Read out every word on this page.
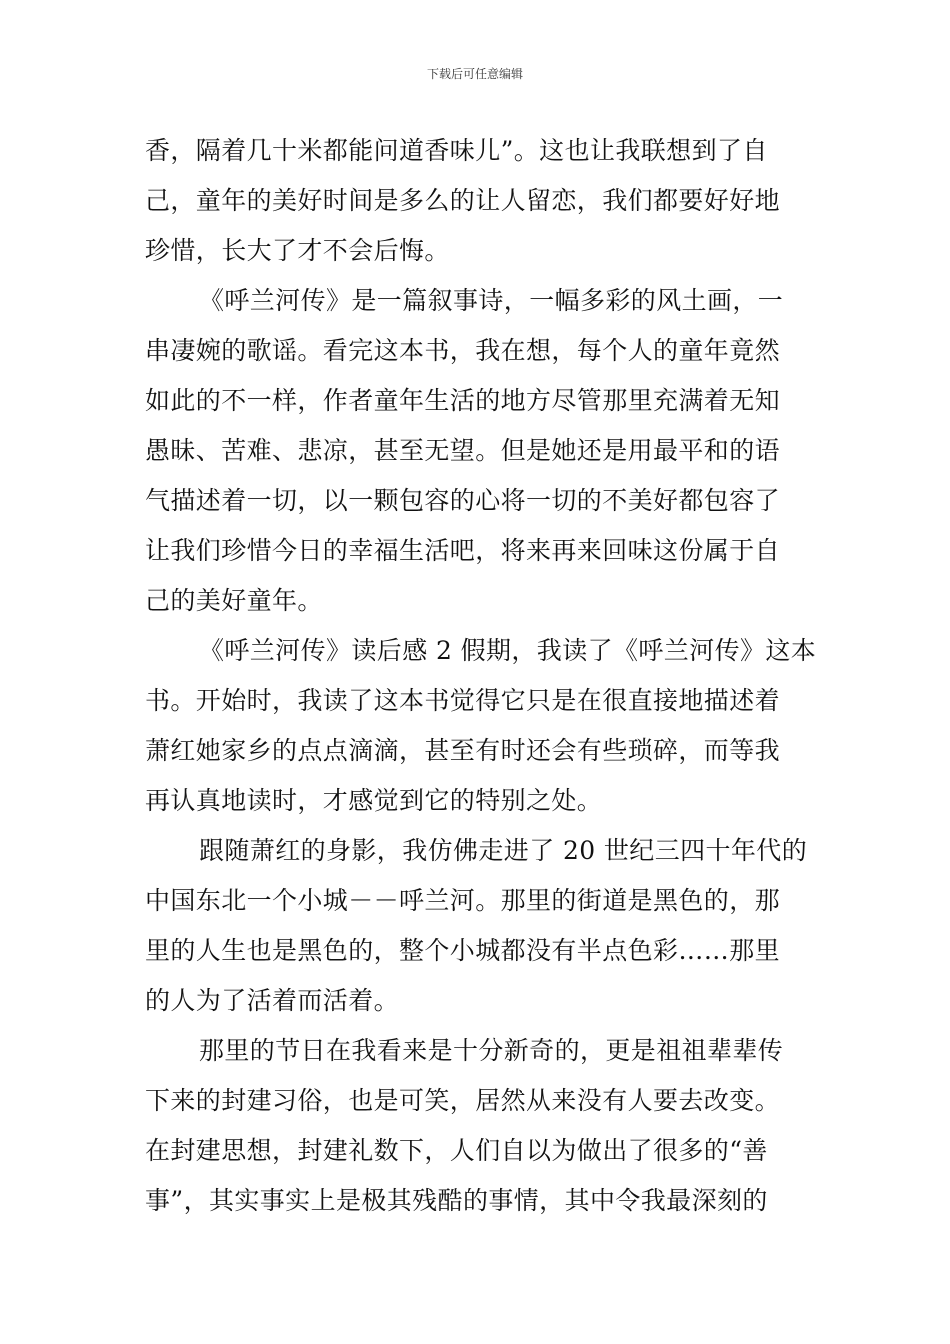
下载后可任意编辑
香，隔着几十米都能问道香味儿”。这也让我联想到了自
己，童年的美好时间是多么的让人留恋，我们都要好好地
珍惜，长大了才不会后悔。
《呼兰河传》是一篇叙事诗，一幅多彩的风土画，一
串凄婉的歌谣。看完这本书，我在想，每个人的童年竟然
如此的不一样，作者童年生活的地方尽管那里充满着无知
愚昧、苦难、悲凉，甚至无望。但是她还是用最平和的语
气描述着一切，以一颗包容的心将一切的不美好都包容了
让我们珍惜今日的幸福生活吧，将来再来回味这份属于自
己的美好童年。
《呼兰河传》读后感 2 假期，我读了《呼兰河传》这本
书。开始时，我读了这本书觉得它只是在很直接地描述着
萧红她家乡的点点滴滴，甚至有时还会有些琐碎，而等我
再认真地读时，才感觉到它的特别之处。
跟随萧红的身影，我仿佛走进了 20 世纪三四十年代的
中国东北一个小城－－呼兰河。那里的街道是黑色的，那
里的人生也是黑色的，整个小城都没有半点色彩……那里
的人为了活着而活着。
那里的节日在我看来是十分新奇的，更是祖祖辈辈传
下来的封建习俗，也是可笑，居然从来没有人要去改变。
在封建思想，封建礼数下，人们自以为做出了很多的“善
事”，其实事实上是极其残酷的事情，其中令我最深刻的
